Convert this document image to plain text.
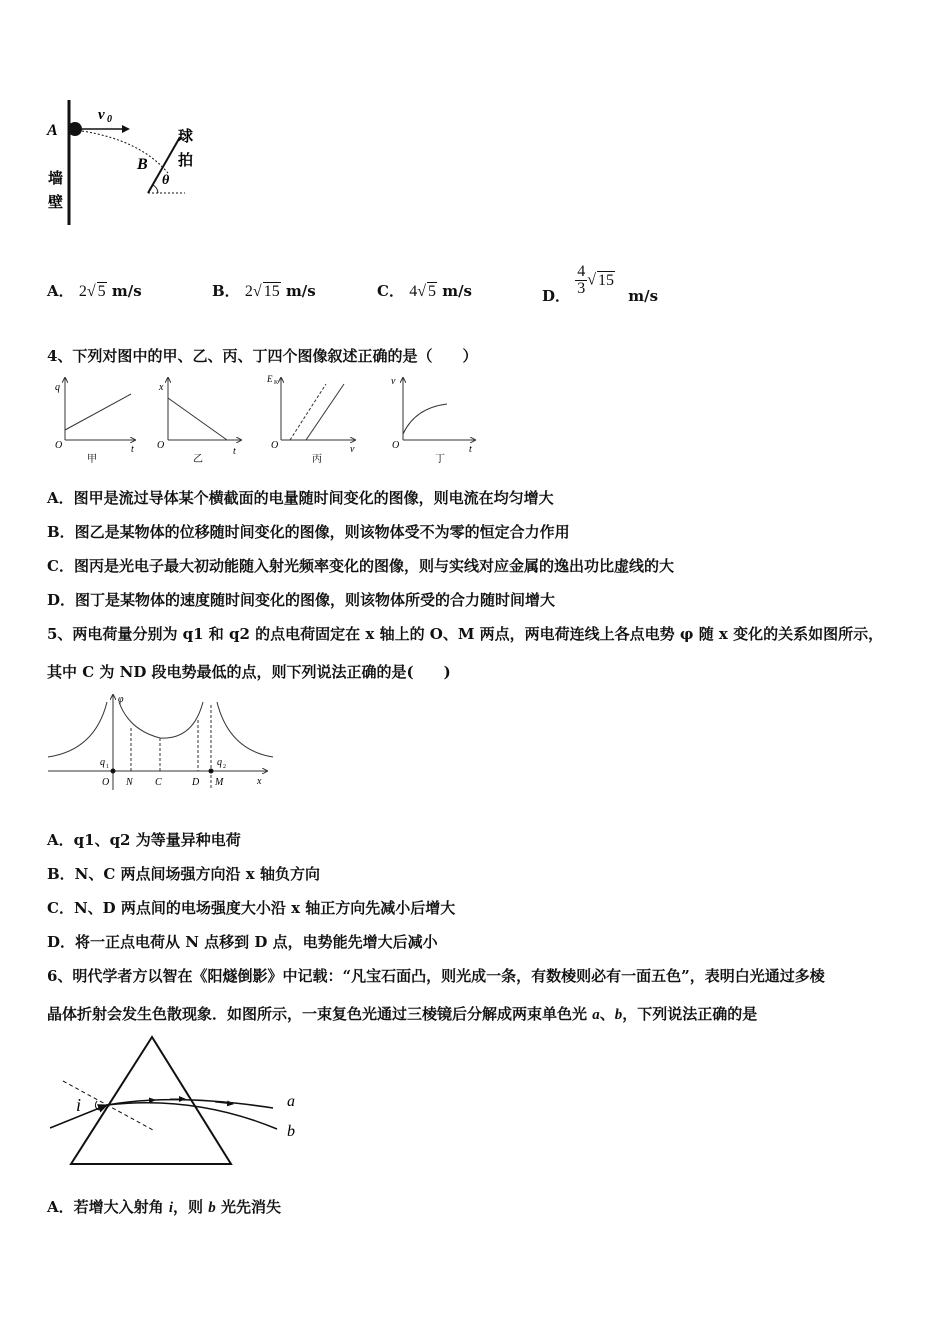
A
B
v 0
θ
墙
壁
球
拍
A． 2√ 5 m/s	B． 2√ 15 m/s	C． 4√ 5 m/s	D． $\frac{4}{3}$ √ 15 m/s
4、下列对图中的甲、乙、丙、丁四个图像叙述正确的是（　　）
q
t
O
甲
x
t
O
乙
E K
v
O
丙
v
t
O
丁
A．图甲是流过导体某个横截面的电量随时间变化的图像，则电流在均匀增大
B．图乙是某物体的位移随时间变化的图像，则该物体受不为零的恒定合力作用
C．图丙是光电子最大初动能随入射光频率变化的图像，则与实线对应金属的逸出功比虚线的大
D．图丁是某物体的速度随时间变化的图像，则该物体所受的合力随时间增大
5、两电荷量分别为 q1 和 q2 的点电荷固定在 x 轴上的 O、M 两点，两电荷连线上各点电势 φ 随 x 变化的关系如图所示，
其中 C 为 ND 段电势最低的点，则下列说法正确的是(　　)
φ
x
O N C	D M
q 1	q 2
A．q1、q2 为等量异种电荷
B．N、C 两点间场强方向沿 x 轴负方向
C．N、D 两点间的电场强度大小沿 x 轴正方向先减小后增大
D．将一正点电荷从 N 点移到 D 点，电势能先增大后减小
6、明代学者方以智在《阳燧倒影》中记载：“凡宝石面凸，则光成一条，有数棱则必有一面五色”，表明白光通过多棱
晶体折射会发生色散现象．如图所示，一束复色光通过三棱镜后分解成两束单色光 a、b，下列说法正确的是
i	a
b
A．若增大入射角 i，则 b 光先消失
